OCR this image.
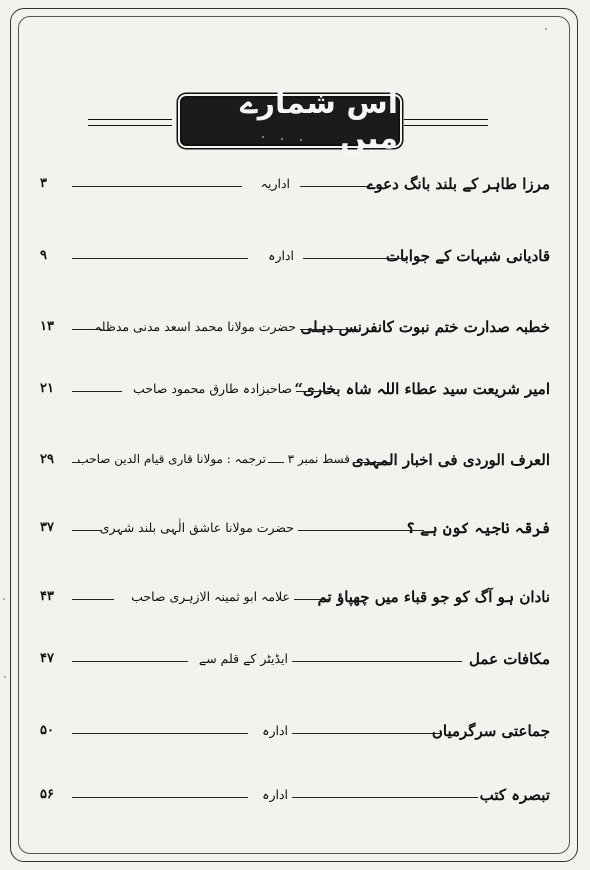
اس شمارے میں
مرزا طاہر کے بلند بانگ دعوے
اداریہ
۳
قادیانی شبہات کے جوابات
ادارہ
۹
خطبہ صدارت ختم نبوت کانفرنس دہلی
حضرت مولانا محمد اسعد مدنی مدظلہ
۱۳
امیر شریعت سید عطاء اللہ شاہ بخاری“
صاحبزادہ طارق محمود صاحب
۲۱
العرف الوردی فی اخبار المہدی
قسط نمبر ۳
ترجمہ : مولانا قاری قیام الدین صاحب
۲۹
فرقہ ناجیہ کون ہے ؟
حضرت مولانا عاشق الٰہی بلند شہری
۳۷
نادان ہو آگ کو جو قباء میں چھپاؤ تم
علامہ ابو ثمینہ الازہری صاحب
۴۳
مکافات عمل
ایڈیٹر کے قلم سے
۴۷
جماعتی سرگرمیاں
ادارہ
۵۰
تبصرہ کتب
ادارہ
۵۶
